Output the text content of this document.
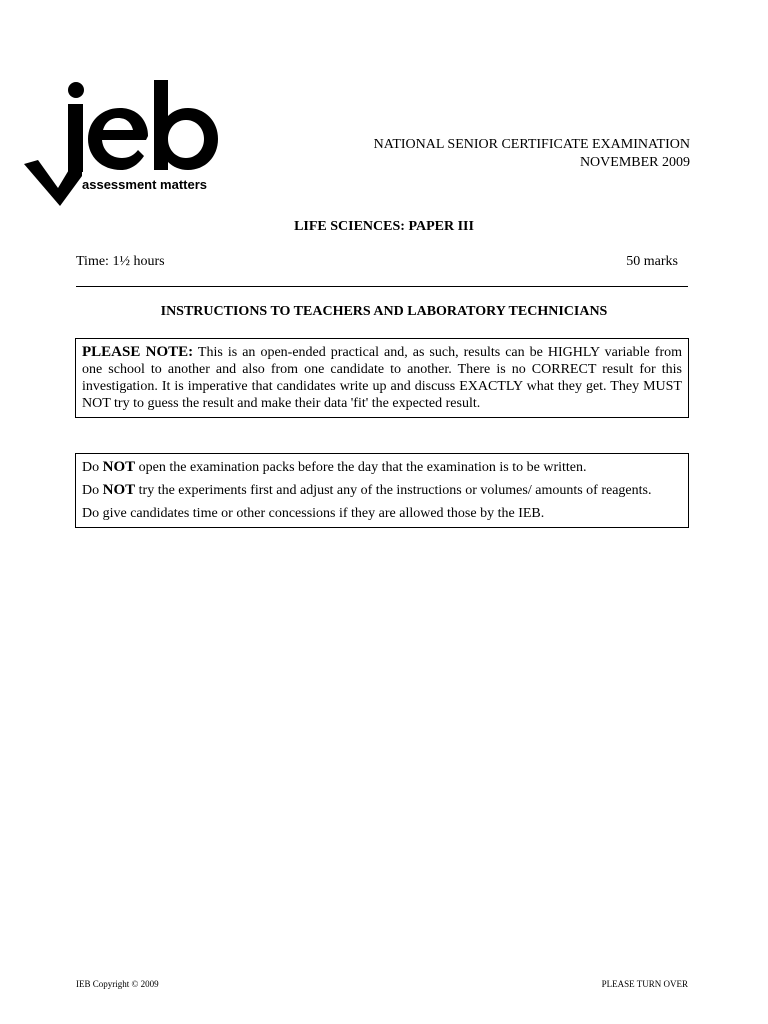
assessment matters
NATIONAL SENIOR CERTIFICATE EXAMINATION
NOVEMBER 2009
LIFE SCIENCES: PAPER III
Time: 1½ hours	50 marks
INSTRUCTIONS TO TEACHERS AND LABORATORY TECHNICIANS
PLEASE NOTE: This is an open-ended practical and, as such, results can be HIGHLY variable from one school to another and also from one candidate to another. There is no CORRECT result for this investigation. It is imperative that candidates write up and discuss EXACTLY what they get. They MUST NOT try to guess the result and make their data 'fit' the expected result.

Do NOT open the examination packs before the day that the examination is to be written.

Do NOT try the experiments first and adjust any of the instructions or volumes/ amounts of reagents.

Do give candidates time or other concessions if they are allowed those by the IEB.

IEB Copyright © 2009	PLEASE TURN OVER
